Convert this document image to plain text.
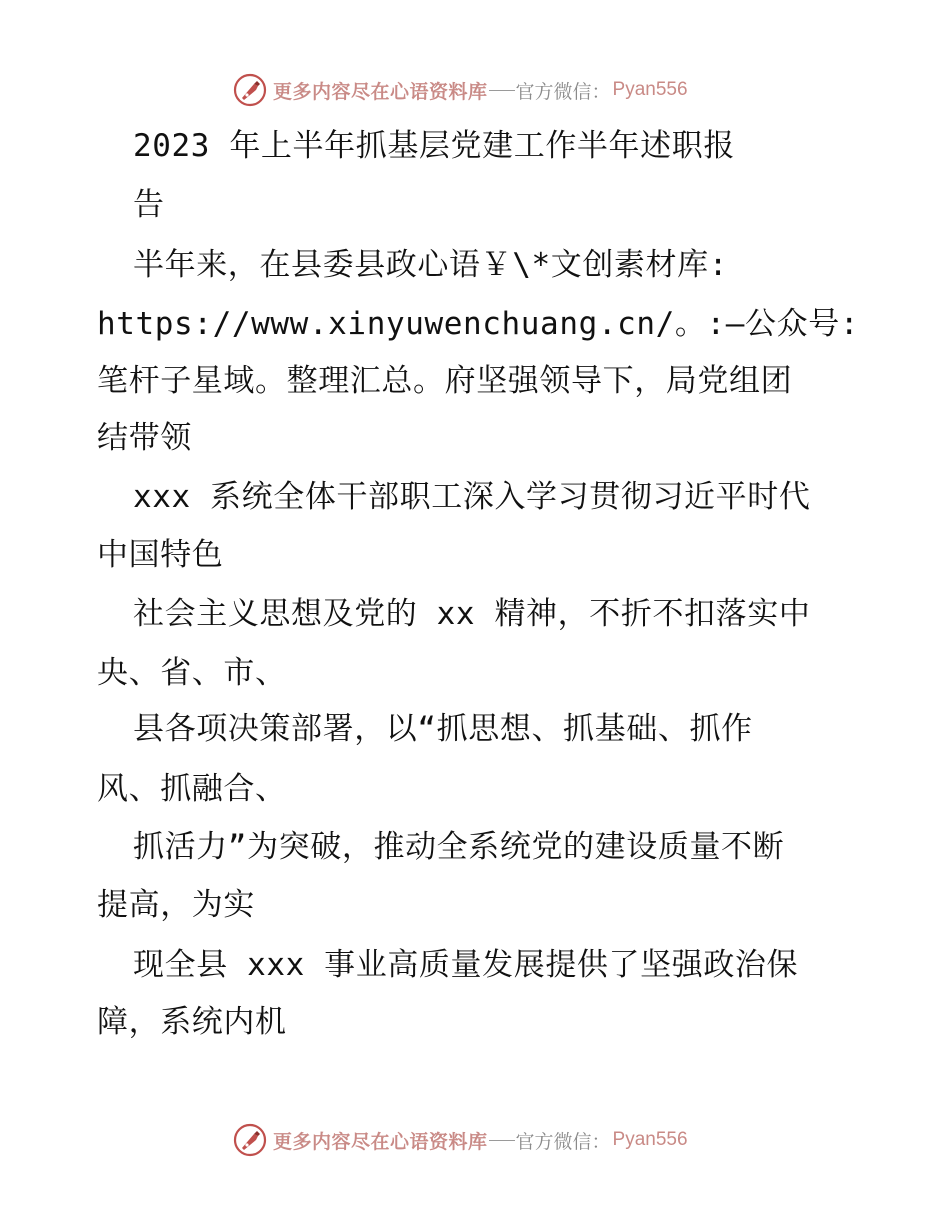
更多内容尽在心语资料库 官方微信： Pyan556
2023 年上半年抓基层党建工作半年述职报
告
半年来，在县委县政心语￥\*文创素材库:
https://www.xinyuwenchuang.cn/。:—公众号:
笔杆子星域。整理汇总。府坚强领导下，局党组团
结带领
xxx 系统全体干部职工深入学习贯彻习近平时代
中国特色
社会主义思想及党的 xx 精神，不折不扣落实中
央、省、市、
县各项决策部署，以“抓思想、抓基础、抓作
风、抓融合、
抓活力”为突破，推动全系统党的建设质量不断
提高，为实
现全县 xxx 事业高质量发展提供了坚强政治保
障，系统内机
更多内容尽在心语资料库 官方微信： Pyan556
